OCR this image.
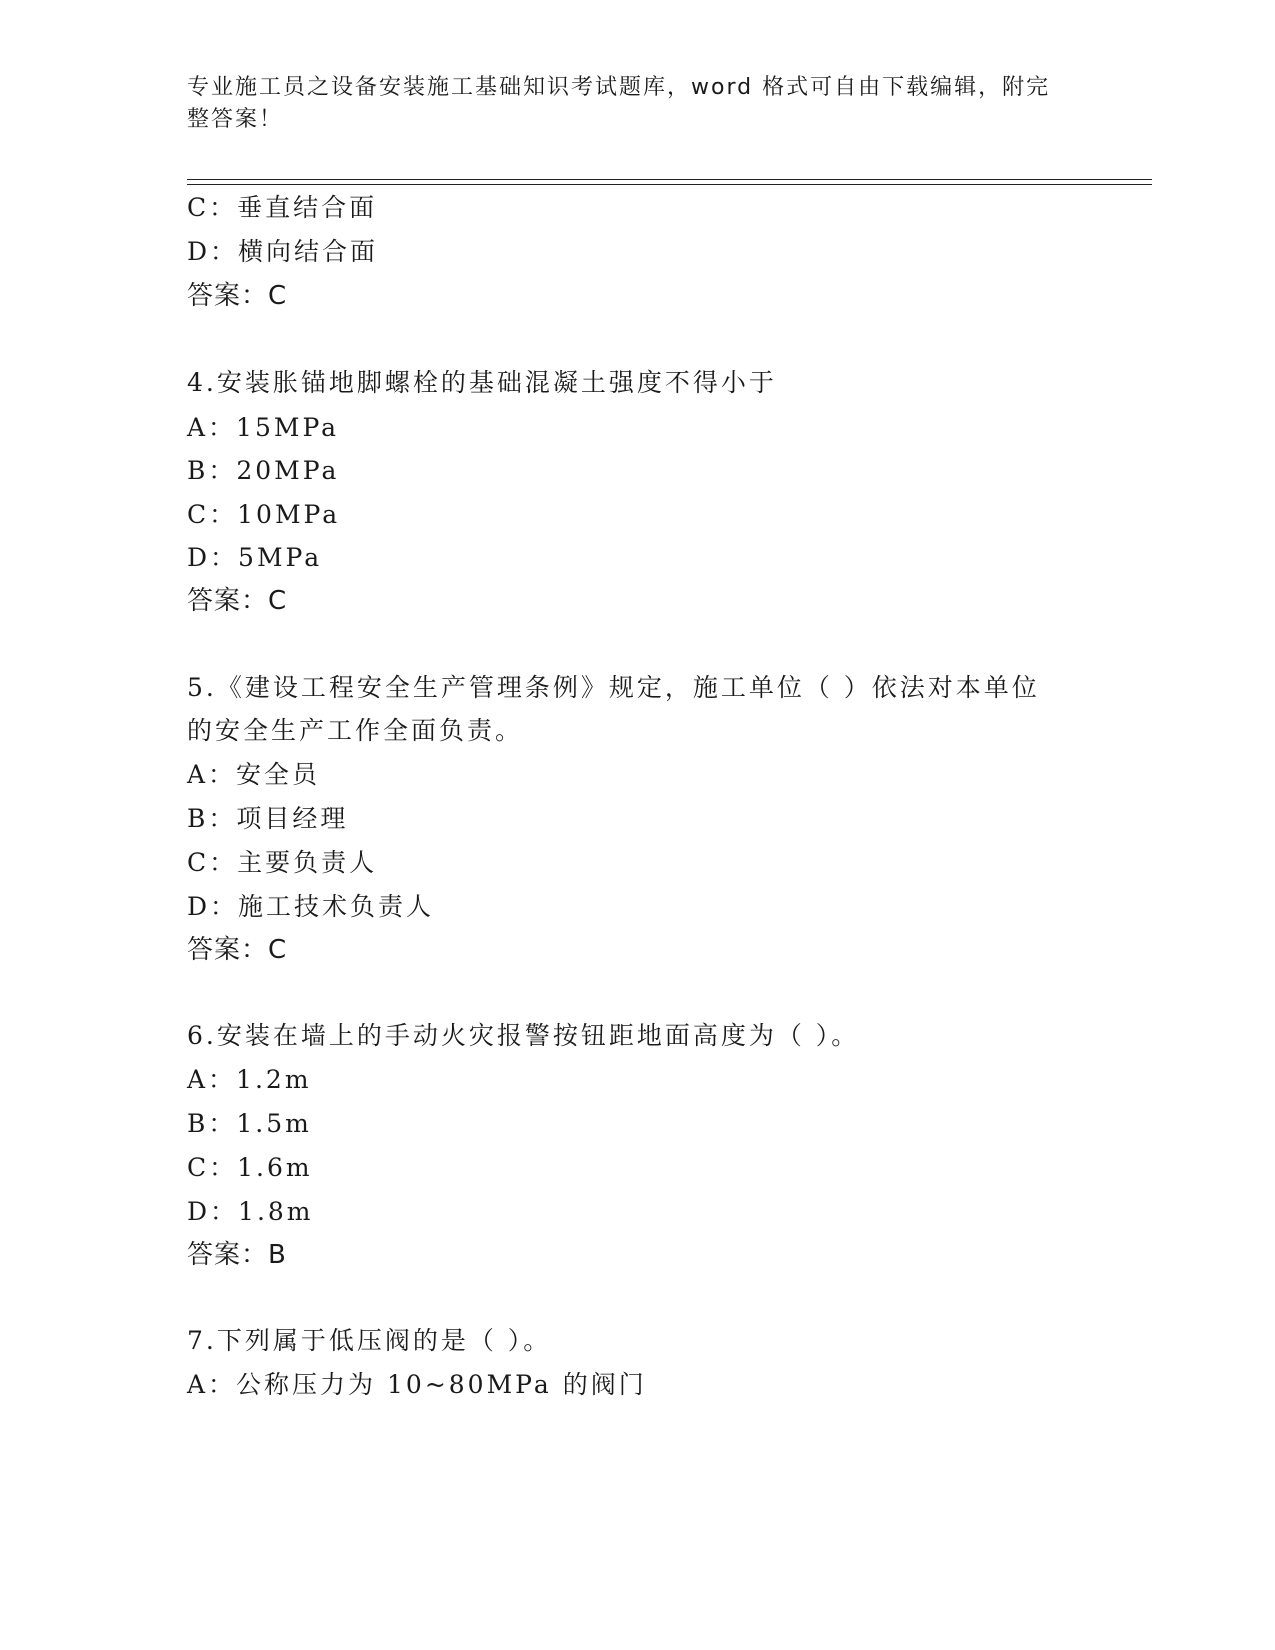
专业施工员之设备安装施工基础知识考试题库，word 格式可自由下载编辑，附完
整答案！
C：垂直结合面
D：横向结合面
答案：C
4.安装胀锚地脚螺栓的基础混凝土强度不得小于
A：15MPa
B：20MPa
C：10MPa
D：5MPa
答案：C
5.《建设工程安全生产管理条例》规定，施工单位（ ）依法对本单位
的安全生产工作全面负责。
A：安全员
B：项目经理
C：主要负责人
D：施工技术负责人
答案：C
6.安装在墙上的手动火灾报警按钮距地面高度为（ ）。
A：1.2m
B：1.5m
C：1.6m
D：1.8m
答案：B
7.下列属于低压阀的是（ ）。
A：公称压力为 10~80MPa 的阀门
